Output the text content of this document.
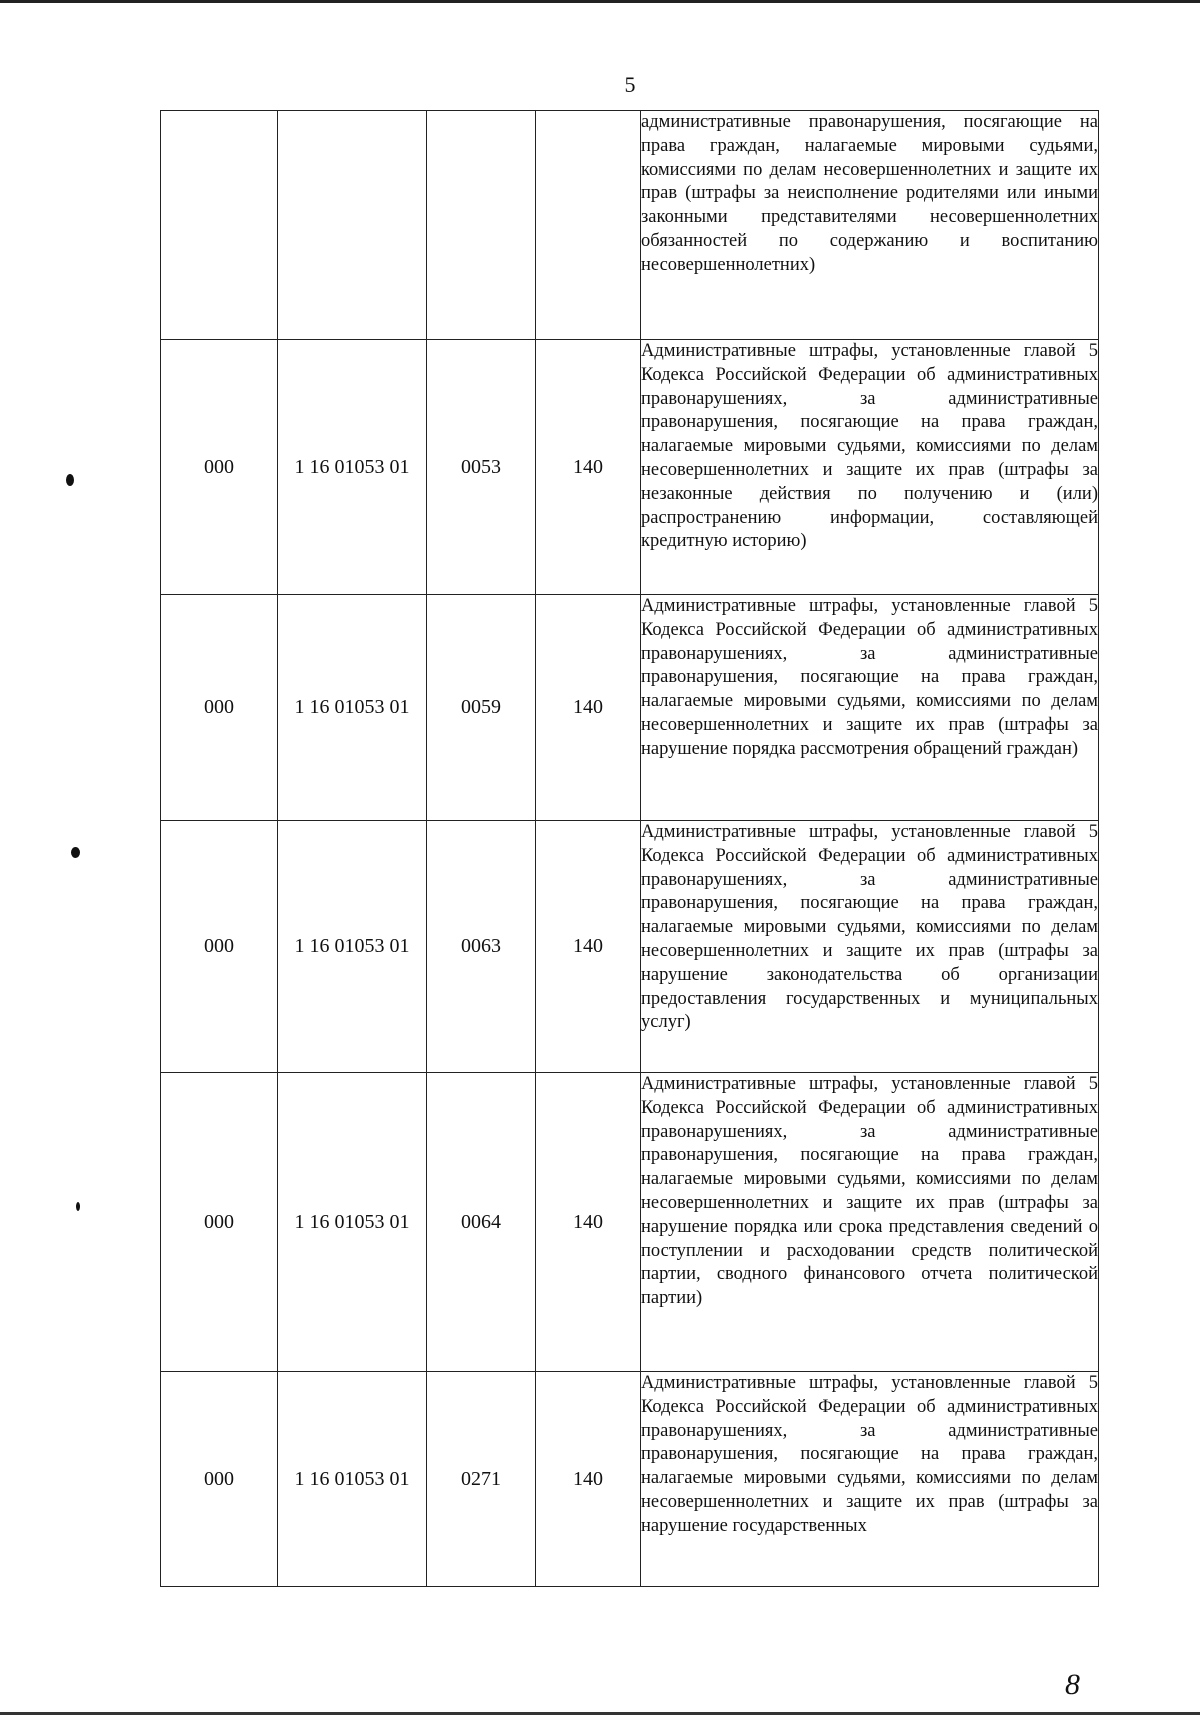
5
				административные правонарушения, посягающие на права граждан, налагаемые мировыми судьями, комиссиями по делам несовершеннолетних и защите их прав (штрафы за неисполнение родителями или иными законными представителями несовершеннолетних обязанностей по содержанию и воспитанию несовершеннолетних)
000	1 16 01053 01	0053	140	Административные штрафы, установленные главой 5 Кодекса Российской Федерации об административных правонарушениях, за административные правонарушения, посягающие на права граждан, налагаемые мировыми судьями, комиссиями по делам несовершеннолетних и защите их прав (штрафы за незаконные действия по получению и (или) распространению информации, составляющей кредитную историю)
000	1 16 01053 01	0059	140	Административные штрафы, установленные главой 5 Кодекса Российской Федерации об административных правонарушениях, за административные правонарушения, посягающие на права граждан, налагаемые мировыми судьями, комиссиями по делам несовершеннолетних и защите их прав (штрафы за нарушение порядка рассмотрения обращений граждан)
000	1 16 01053 01	0063	140	Административные штрафы, установленные главой 5 Кодекса Российской Федерации об административных правонарушениях, за административные правонарушения, посягающие на права граждан, налагаемые мировыми судьями, комиссиями по делам несовершеннолетних и защите их прав (штрафы за нарушение законодательства об организации предоставления государственных и муниципальных услуг)
000	1 16 01053 01	0064	140	Административные штрафы, установленные главой 5 Кодекса Российской Федерации об административных правонарушениях, за административные правонарушения, посягающие на права граждан, налагаемые мировыми судьями, комиссиями по делам несовершеннолетних и защите их прав (штрафы за нарушение порядка или срока представления сведений о поступлении и расходовании средств политической партии, сводного финансового отчета политической партии)
000	1 16 01053 01	0271	140	Административные штрафы, установленные главой 5 Кодекса Российской Федерации об административных правонарушениях, за административные правонарушения, посягающие на права граждан, налагаемые мировыми судьями, комиссиями по делам несовершеннолетних и защите их прав (штрафы за нарушение государственных
8
